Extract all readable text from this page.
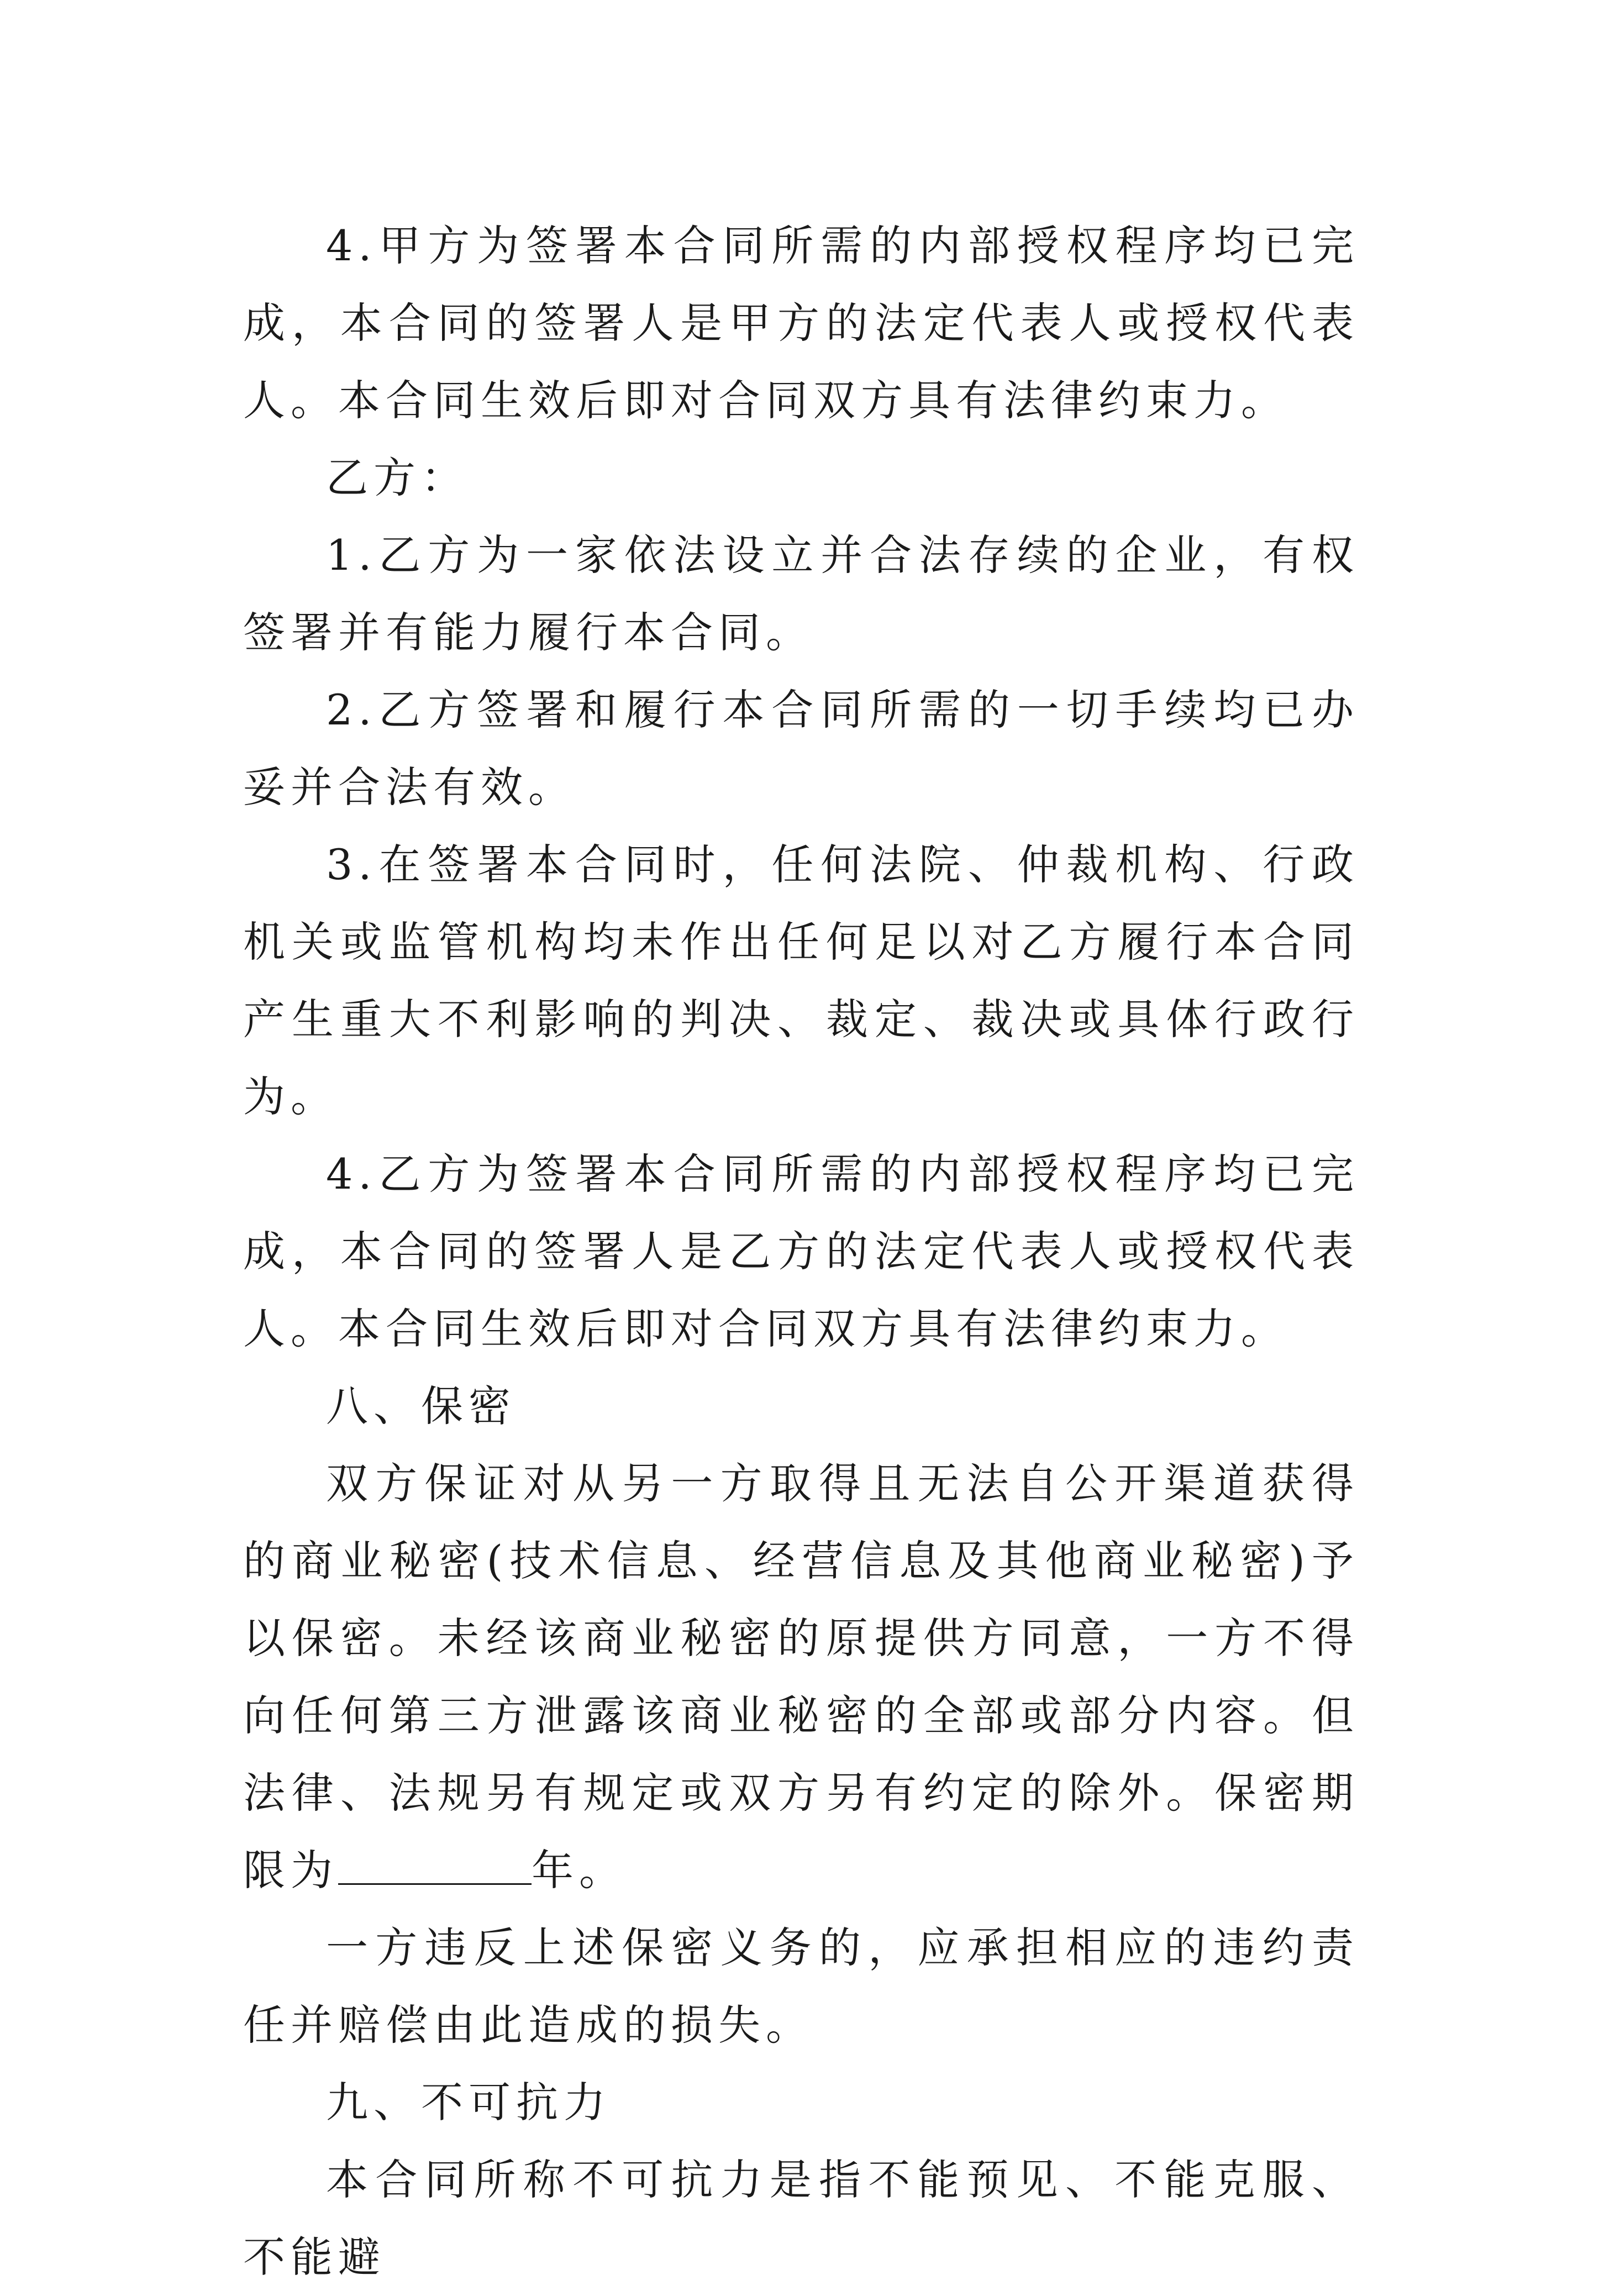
4.甲方为签署本合同所需的内部授权程序均已完成，本合同的签署人是甲方的法定代表人或授权代表人。本合同生效后即对合同双方具有法律约束力。

乙方：

1.乙方为一家依法设立并合法存续的企业，有权签署并有能力履行本合同。

2.乙方签署和履行本合同所需的一切手续均已办妥并合法有效。

3.在签署本合同时，任何法院、仲裁机构、行政机关或监管机构均未作出任何足以对乙方履行本合同产生重大不利影响的判决、裁定、裁决或具体行政行为。

4.乙方为签署本合同所需的内部授权程序均已完成，本合同的签署人是乙方的法定代表人或授权代表人。本合同生效后即对合同双方具有法律约束力。

八、保密

双方保证对从另一方取得且无法自公开渠道获得的商业秘密(技术信息、经营信息及其他商业秘密)予以保密。未经该商业秘密的原提供方同意，一方不得向任何第三方泄露该商业秘密的全部或部分内容。但法律、法规另有规定或双方另有约定的除外。保密期限为	年。

一方违反上述保密义务的，应承担相应的违约责任并赔偿由此造成的损失。

九、不可抗力

本合同所称不可抗力是指不能预见、不能克服、不能避
